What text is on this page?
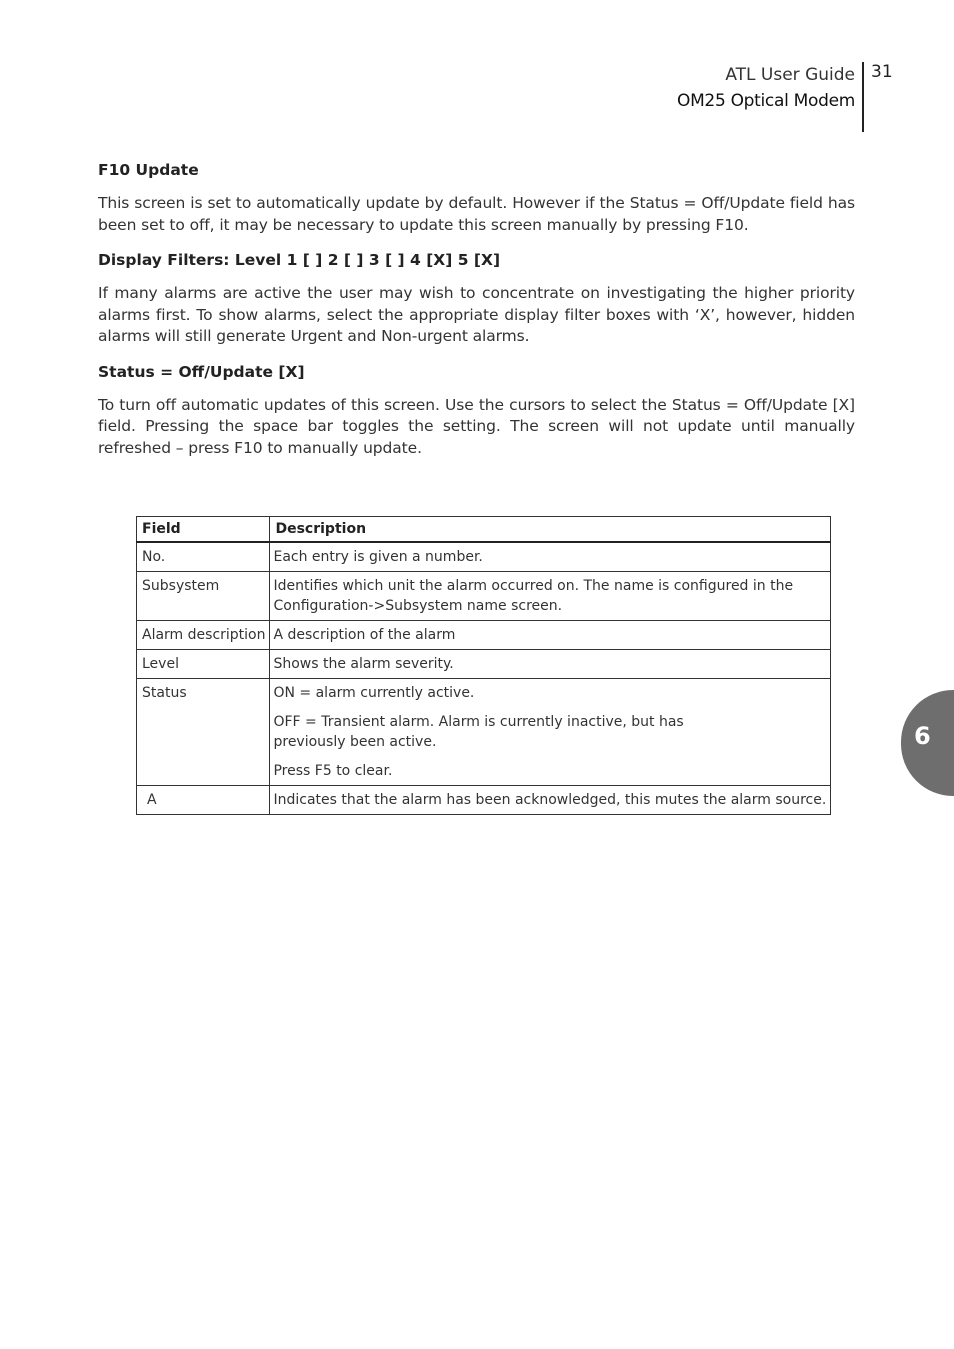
ATL User Guide
OM25 Optical Modem
31
F10 Update

This screen is set to automatically update by default. However if the Status = Off/Update field has been set to off, it may be necessary to update this screen manually by pressing F10.

Display Filters: Level 1 [ ] 2 [ ] 3 [ ] 4 [X] 5 [X]

If many alarms are active the user may wish to concentrate on investigating the higher priority alarms first. To show alarms, select the appropriate display filter boxes with ‘X’, however, hidden alarms will still generate Urgent and Non-urgent alarms.

Status = Off/Update [X]

To turn off automatic updates of this screen. Use the cursors to select the Status = Off/Update [X] field. Pressing the space bar toggles the setting. The screen will not update until manually refreshed – press F10 to manually update.

Field	Description
No.	Each entry is given a number.

Subsystem	Identifies which unit the alarm occurred on. The name is configured in the Configuration->Subsystem name screen.

Alarm description	A description of the alarm

Level	Shows the alarm severity.

Status	ON = alarm currently active.
OFF = Transient alarm. Alarm is currently inactive, but has previously been active.
Press F5 to clear.

A	Indicates that the alarm has been acknowledged, this mutes the alarm source.
6
